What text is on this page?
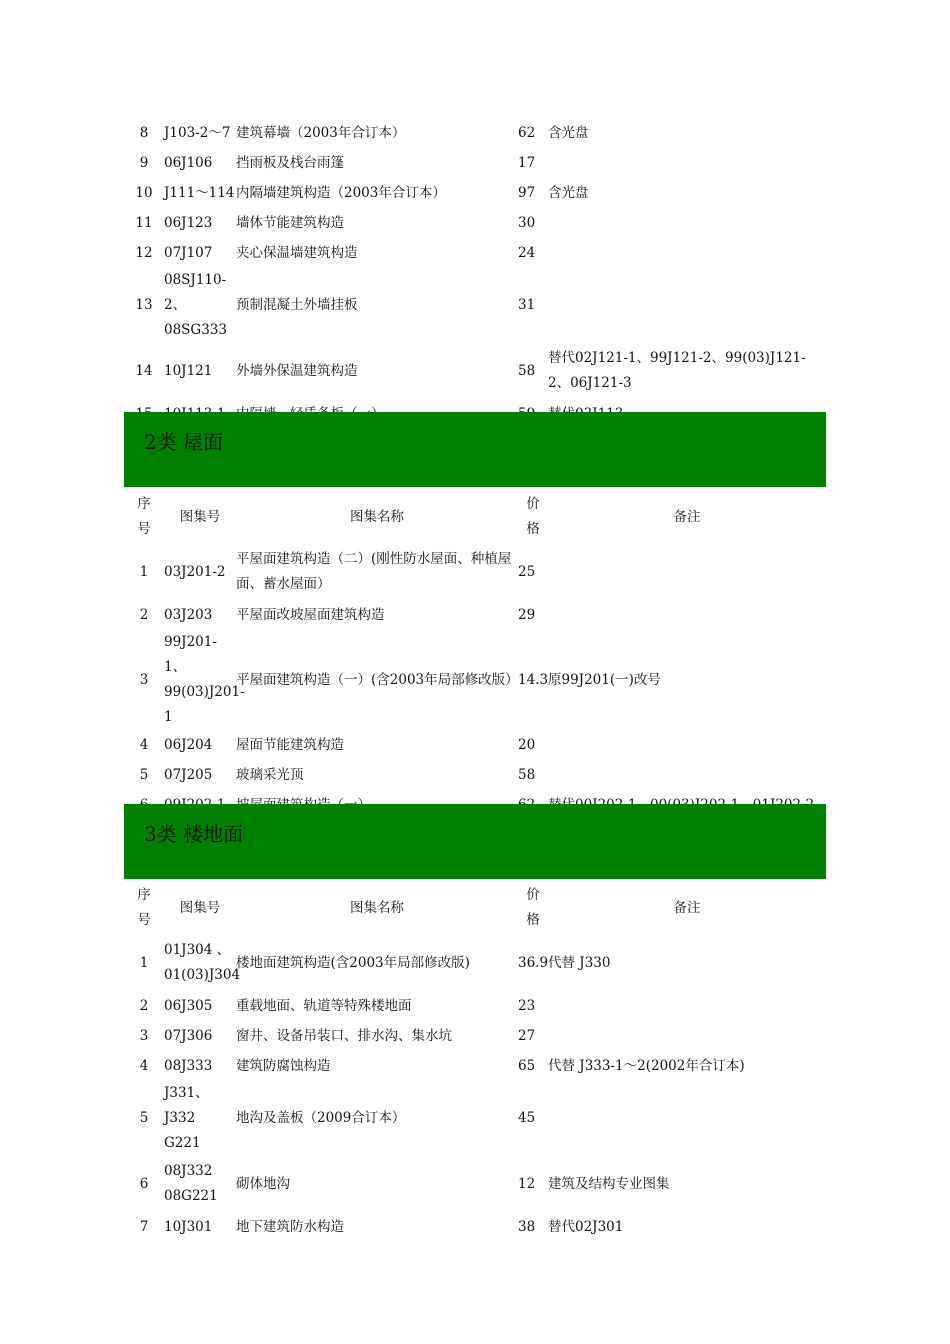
8	J103-2～7	建筑幕墙（2003年合订本）	62	含光盘
9	06J106	挡雨板及栈台雨篷	17	
10	J111～114	内隔墙建筑构造（2003年合订本）	97	含光盘
11	06J123	墙体节能建筑构造	30	
12	07J107	夹心保温墙建筑构造	24	
13	08SJ110-2、08SG333	预制混凝土外墙挂板	31	
14	10J121	外墙外保温建筑构造	58	替代02J121-1、99J121-2、99(03)J121-2、06J121-3

2类 屋面
序号	图集号	图集名称	价格	备注
1	03J201-2	平屋面建筑构造（二）(刚性防水屋面、种植屋面、蓄水屋面）	25	
2	03J203	平屋面改坡屋面建筑构造	29	
3	99J201-1、99(03)J201-1	平屋面建筑构造（一）(含2003年局部修改版）	14.3	原99J201(一)改号
4	06J204	屋面节能建筑构造	20	
5	07J205	玻璃采光顶	58	

3类 楼地面
序号	图集号	图集名称	价格	备注
1	01J304 、01(03)J304	楼地面建筑构造(含2003年局部修改版)	36.9	代替 J330
2	06J305	重载地面、轨道等特殊楼地面	23	
3	07J306	窗井、设备吊装口、排水沟、集水坑	27	
4	08J333	建筑防腐蚀构造	65	代替 J333-1～2(2002年合订本)
5	J331、J332 G221	地沟及盖板（2009合订本）	45	
6	08J332 08G221	砌体地沟	12	建筑及结构专业图集
7	10J301	地下建筑防水构造	38	替代02J301
